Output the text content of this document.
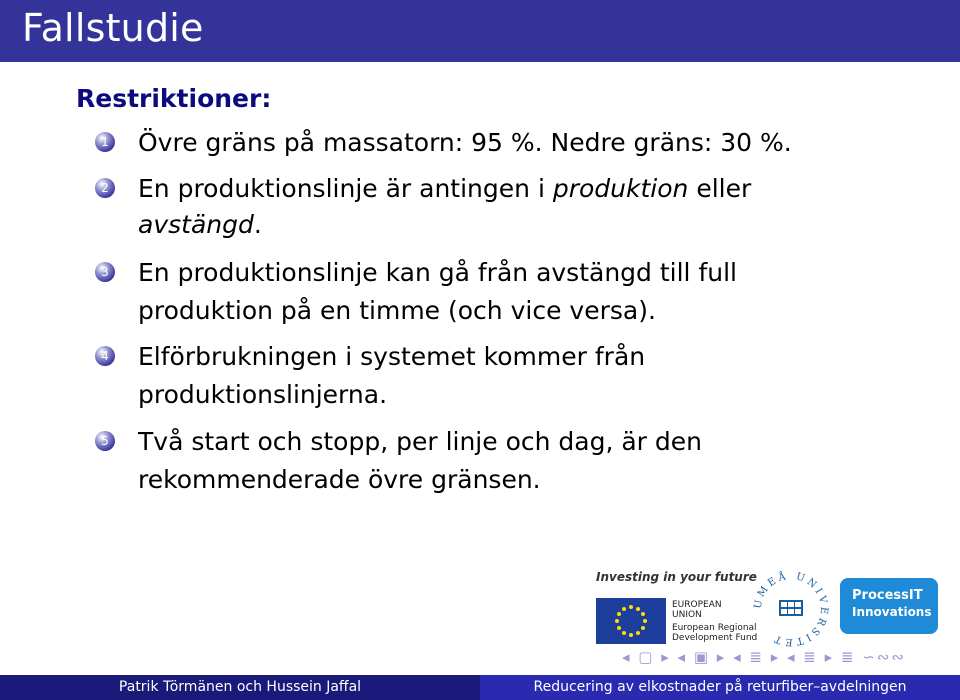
Fallstudie
Restriktioner:
1 Övre gräns på massatorn: 95 %. Nedre gräns: 30 %.
2 En produktionslinje är antingen i produktion eller
avstängd.
3 En produktionslinje kan gå från avstängd till full
produktion på en timme (och vice versa).
4 Elförbrukningen i systemet kommer från
produktionslinjerna.
5 Två start och stopp, per linje och dag, är den
rekommenderade övre gränsen.
Investing in your future
EUROPEAN
UNION
European Regional
Development Fund
UMEÅ UNIVERSITET
ProcessIT
Innovations
◂ ▢ ▸ ◂ ▣ ▸ ◂ ≣ ▸ ◂ ≣ ▸ ≣ ∽∾∾
Patrik Törmänen och Hussein Jaffal	Reducering av elkostnader på returfiber–avdelningen
